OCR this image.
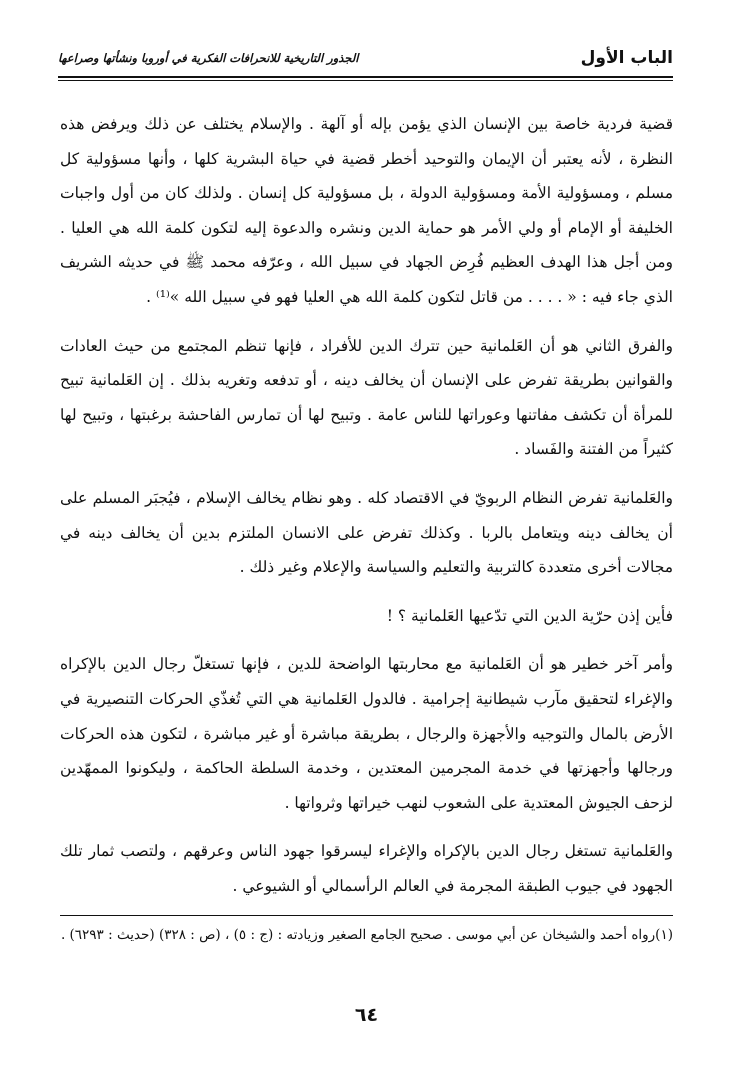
الباب الأول
الجذور التاريخية للانحرافات الفكرية في أوروبا ونشأتها وصراعها

قضية فردية خاصة بين الإنسان الذي يؤمن بإله أو آلهة . والإسلام يختلف عن ذلك ويرفض هذه النظرة ، لأنه يعتبر أن الإيمان والتوحيد أخطر قضية في حياة البشرية كلها ، وأنها مسؤولية كل مسلم ، ومسؤولية الأمة ومسؤولية الدولة ، بل مسؤولية كل إنسان . ولذلك كان من أول واجبات الخليفة أو الإمام أو ولي الأمر هو حماية الدين ونشره والدعوة إليه لتكون كلمة الله هي العليا . ومن أجل هذا الهدف العظيم فُرِض الجهاد في سبيل الله ، وعرّفه محمد ﷺ في حديثه الشريف الذي جاء فيه : « . . . . من قاتل لتكون كلمة الله هي العليا فهو في سبيل الله »⁽¹⁾ .

والفرق الثاني هو أن العَلمانية حين تترك الدين للأفراد ، فإنها تنظم المجتمع من حيث العادات والقوانين بطريقة تفرض على الإنسان أن يخالف دينه ، أو تدفعه وتغريه بذلك . إن العَلمانية تبيح للمرأة أن تكشف مفاتنها وعوراتها للناس عامة . وتبيح لها أن تمارس الفاحشة برغبتها ، وتبيح لها كثيراً من الفتنة والفَساد .

والعَلمانية تفرض النظام الربويّ في الاقتصاد كله . وهو نظام يخالف الإسلام ، فيُجبَر المسلم على أن يخالف دينه ويتعامل بالربا . وكذلك تفرض على الانسان الملتزم بدين أن يخالف دينه في مجالات أخرى متعددة كالتربية والتعليم والسياسة والإعلام وغير ذلك .

فأين إذن حرّية الدين التي تدّعيها العَلمانية ؟ !

وأمر آخر خطير هو أن العَلمانية مع محاربتها الواضحة للدين ، فإنها تستغلّ رجال الدين بالإكراه والإغراء لتحقيق مآرب شيطانية إجرامية . فالدول العَلمانية هي التي تُغذّي الحركات التنصيرية في الأرض بالمال والتوجيه والأجهزة والرجال ، بطريقة مباشرة أو غير مباشرة ، لتكون هذه الحركات ورجالها وأجهزتها في خدمة المجرمين المعتدين ، وخدمة السلطة الحاكمة ، وليكونوا الممهّدين لزحف الجيوش المعتدية على الشعوب لنهب خيراتها وثرواتها .

والعَلمانية تستغل رجال الدين بالإكراه والإغراء ليسرقوا جهود الناس وعرقهم ، ولتصب ثمار تلك الجهود في جيوب الطبقة المجرمة في العالم الرأسمالي أو الشيوعي .

(١)رواه أحمد والشيخان عن أبي موسى . صحيح الجامع الصغير وزيادته : (ج : ٥) ، (ص : ٣٢٨) (حديث : ٦٢٩٣) .

٦٤
